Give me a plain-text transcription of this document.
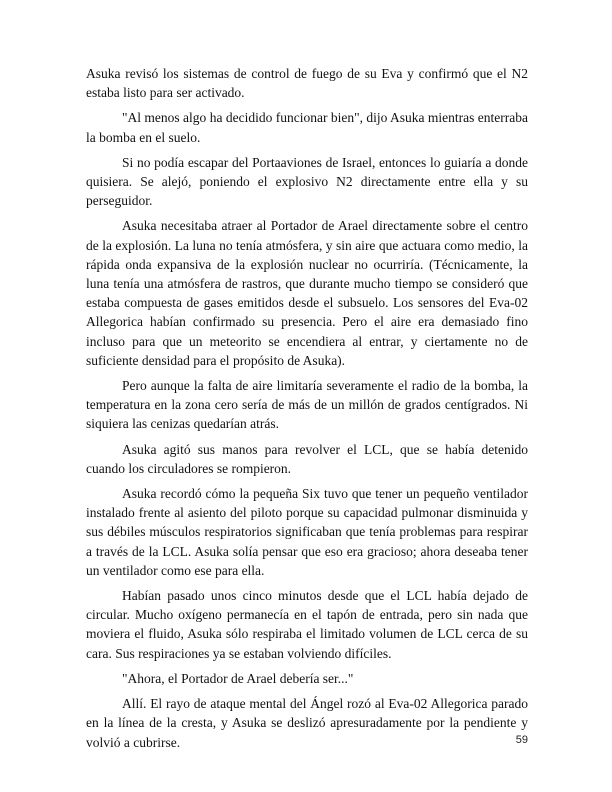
Asuka revisó los sistemas de control de fuego de su Eva y confirmó que el N2 estaba listo para ser activado.

"Al menos algo ha decidido funcionar bien", dijo Asuka mientras enterraba la bomba en el suelo.

Si no podía escapar del Portaaviones de Israel, entonces lo guiaría a donde quisiera. Se alejó, poniendo el explosivo N2 directamente entre ella y su perseguidor.

Asuka necesitaba atraer al Portador de Arael directamente sobre el centro de la explosión. La luna no tenía atmósfera, y sin aire que actuara como medio, la rápida onda expansiva de la explosión nuclear no ocurriría. (Técnicamente, la luna tenía una atmósfera de rastros, que durante mucho tiempo se consideró que estaba compuesta de gases emitidos desde el subsuelo. Los sensores del Eva-02 Allegorica habían confirmado su presencia. Pero el aire era demasiado fino incluso para que un meteorito se encendiera al entrar, y ciertamente no de suficiente densidad para el propósito de Asuka).

Pero aunque la falta de aire limitaría severamente el radio de la bomba, la temperatura en la zona cero sería de más de un millón de grados centígrados. Ni siquiera las cenizas quedarían atrás.

Asuka agitó sus manos para revolver el LCL, que se había detenido cuando los circuladores se rompieron.

Asuka recordó cómo la pequeña Six tuvo que tener un pequeño ventilador instalado frente al asiento del piloto porque su capacidad pulmonar disminuida y sus débiles músculos respiratorios significaban que tenía problemas para respirar a través de la LCL. Asuka solía pensar que eso era gracioso; ahora deseaba tener un ventilador como ese para ella.

Habían pasado unos cinco minutos desde que el LCL había dejado de circular. Mucho oxígeno permanecía en el tapón de entrada, pero sin nada que moviera el fluido, Asuka sólo respiraba el limitado volumen de LCL cerca de su cara. Sus respiraciones ya se estaban volviendo difíciles.

"Ahora, el Portador de Arael debería ser..."

Allí. El rayo de ataque mental del Ángel rozó al Eva-02 Allegorica parado en la línea de la cresta, y Asuka se deslizó apresuradamente por la pendiente y volvió a cubrirse.	59
